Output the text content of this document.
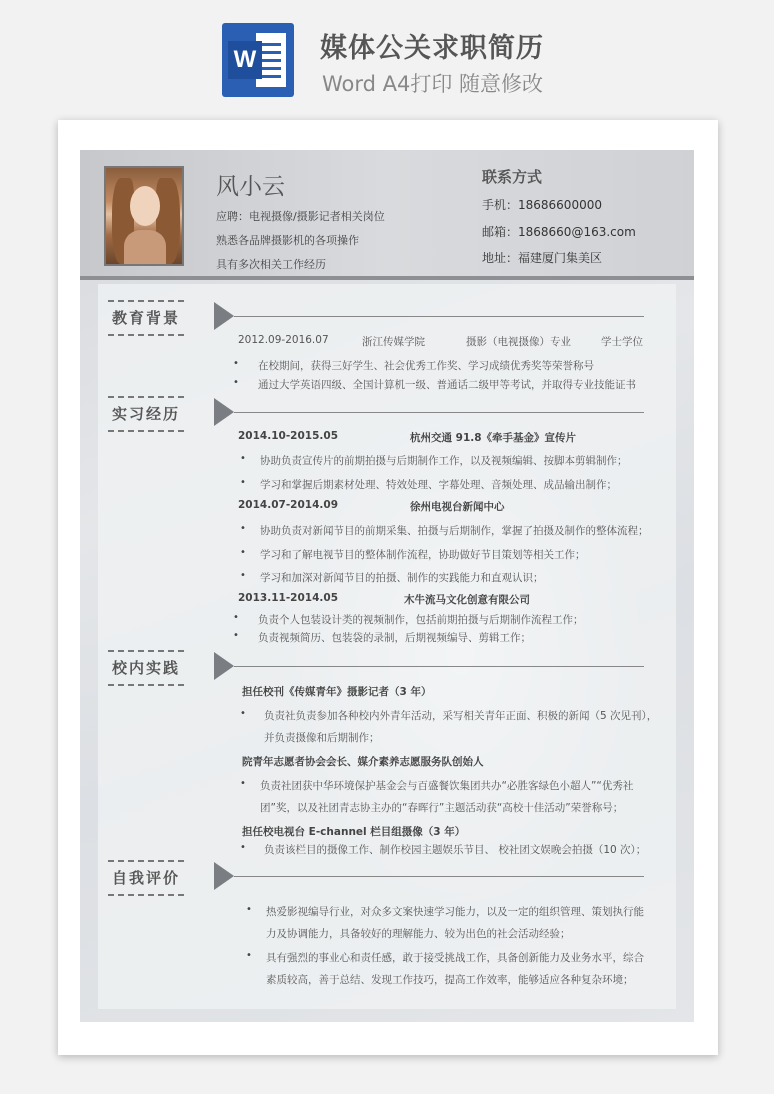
W 媒体公关求职简历
Word A4打印 随意修改
风小云
应聘：电视摄像/摄影记者相关岗位
熟悉各品牌摄影机的各项操作
具有多次相关工作经历
联系方式
手机：18686600000
邮箱：1868660@163.com
地址：福建厦门集美区
教育背景
2012.09-2016.07	浙江传媒学院	摄影（电视摄像）专业	学士学位
• 在校期间，获得三好学生、社会优秀工作奖、学习成绩优秀奖等荣誉称号
• 通过大学英语四级、全国计算机一级、普通话二级甲等考试，并取得专业技能证书
实习经历
2014.10-2015.05	杭州交通 91.8《牵手基金》宣传片
• 协助负责宣传片的前期拍摄与后期制作工作，以及视频编辑、按脚本剪辑制作；
• 学习和掌握后期素材处理、特效处理、字幕处理、音频处理、成品输出制作；
2014.07-2014.09	徐州电视台新闻中心
• 协助负责对新闻节目的前期采集、拍摄与后期制作，掌握了拍摄及制作的整体流程；
• 学习和了解电视节目的整体制作流程，协助做好节目策划等相关工作；
• 学习和加深对新闻节目的拍摄、制作的实践能力和直观认识；
2013.11-2014.05	木牛流马文化创意有限公司
• 负责个人包装设计类的视频制作，包括前期拍摄与后期制作流程工作；
• 负责视频简历、包装袋的录制，后期视频编导、剪辑工作；
校内实践
担任校刊《传媒青年》摄影记者（3 年）
• 负责社负责参加各种校内外青年活动，采写相关青年正面、积极的新闻（5 次见刊），
并负责摄像和后期制作；
院青年志愿者协会会长、媒介素养志愿服务队创始人
• 负责社团获中华环境保护基金会与百盛餐饮集团共办“必胜客绿色小超人”“优秀社
团”奖，以及社团青志协主办的“春晖行”主题活动获“高校十佳活动”荣誉称号；
担任校电视台 E-channel 栏目组摄像（3 年）
• 负责该栏目的摄像工作、制作校园主题娱乐节目、 校社团文娱晚会拍摄（10 次）；
自我评价
• 热爱影视编导行业，对众多文案快速学习能力，以及一定的组织管理、策划执行能
力及协调能力，具备较好的理解能力、较为出色的社会活动经验；
• 具有强烈的事业心和责任感，敢于接受挑战工作，具备创新能力及业务水平，综合
素质较高，善于总结、发现工作技巧，提高工作效率，能够适应各种复杂环境；
